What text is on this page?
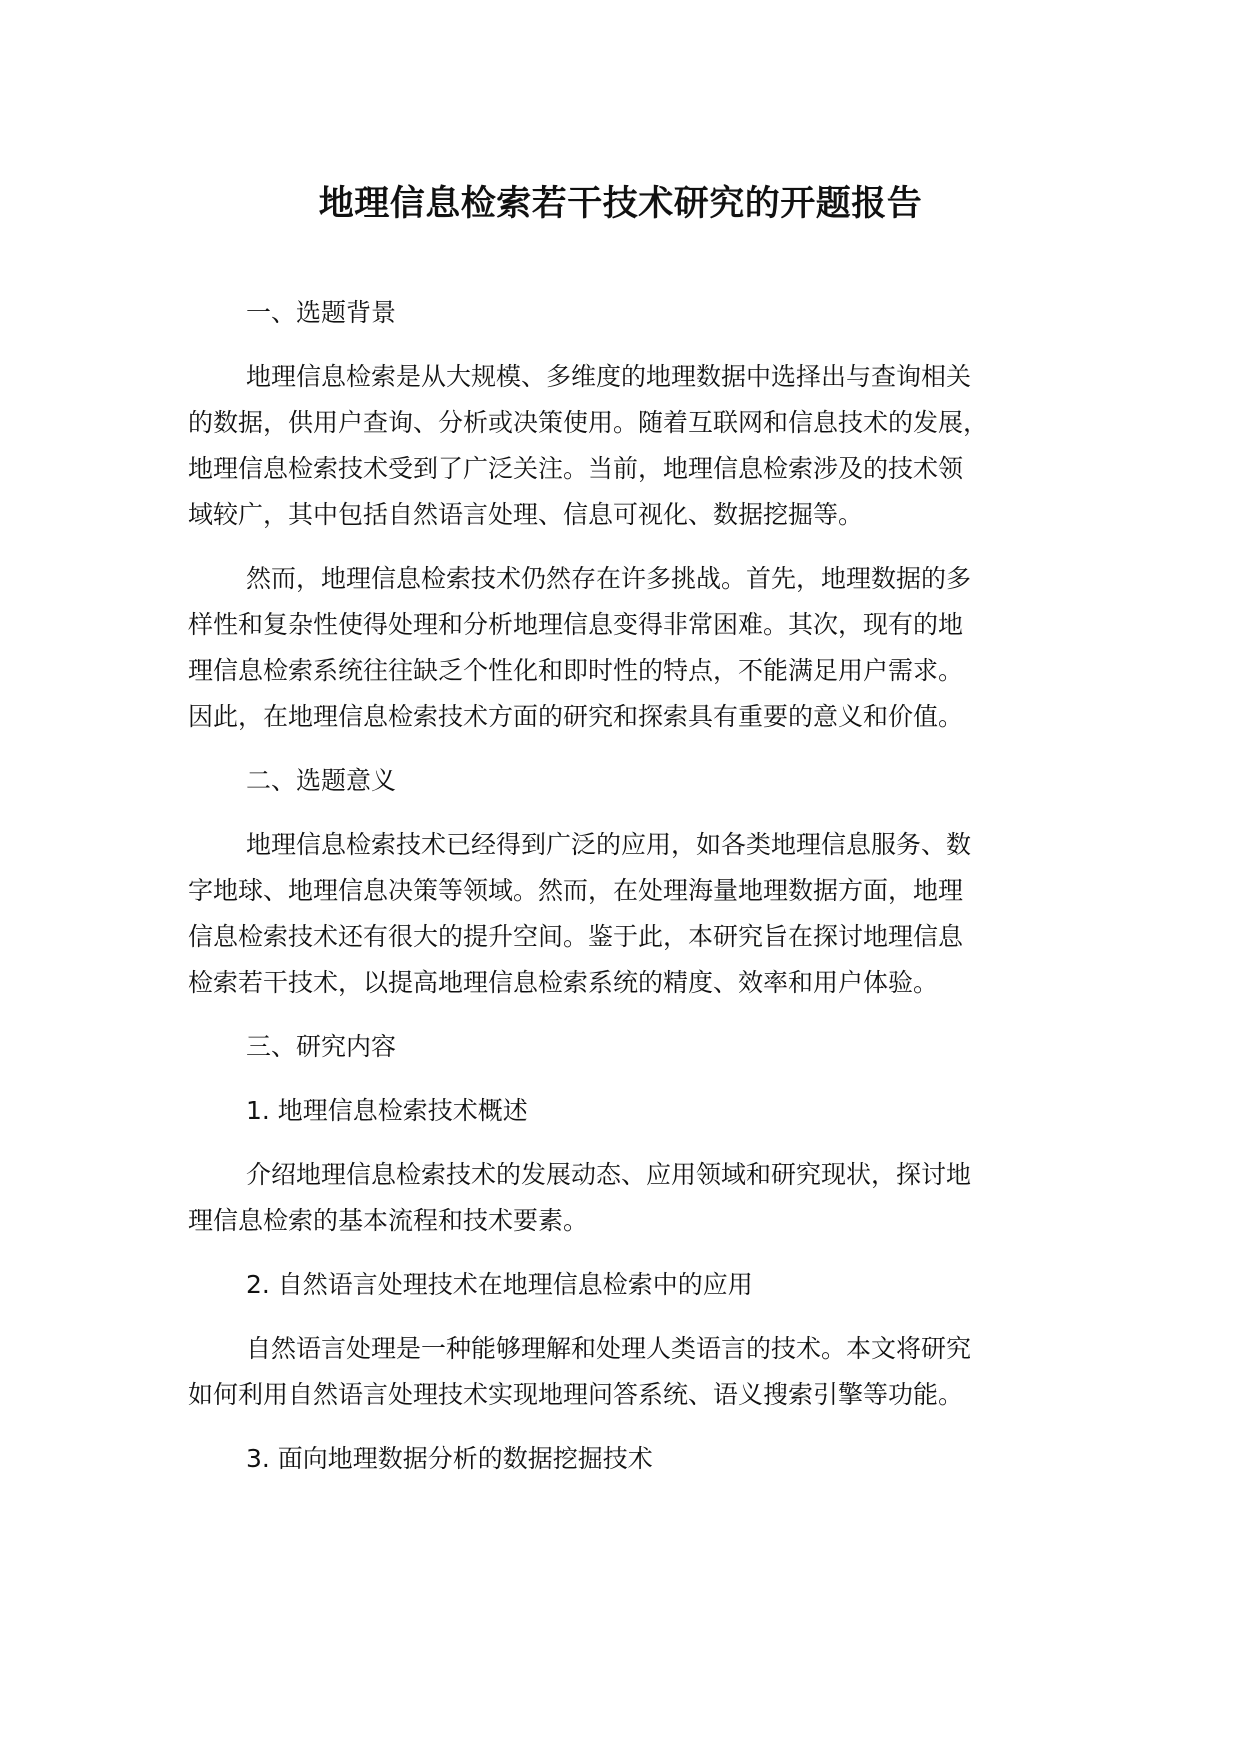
地理信息检索若干技术研究的开题报告
一、选题背景
地理信息检索是从大规模、多维度的地理数据中选择出与查询相关
的数据，供用户查询、分析或决策使用。随着互联网和信息技术的发展，
地理信息检索技术受到了广泛关注。当前，地理信息检索涉及的技术领
域较广，其中包括自然语言处理、信息可视化、数据挖掘等。
然而，地理信息检索技术仍然存在许多挑战。首先，地理数据的多
样性和复杂性使得处理和分析地理信息变得非常困难。其次，现有的地
理信息检索系统往往缺乏个性化和即时性的特点，不能满足用户需求。
因此，在地理信息检索技术方面的研究和探索具有重要的意义和价值。
二、选题意义
地理信息检索技术已经得到广泛的应用，如各类地理信息服务、数
字地球、地理信息决策等领域。然而，在处理海量地理数据方面，地理
信息检索技术还有很大的提升空间。鉴于此，本研究旨在探讨地理信息
检索若干技术，以提高地理信息检索系统的精度、效率和用户体验。
三、研究内容
1. 地理信息检索技术概述
介绍地理信息检索技术的发展动态、应用领域和研究现状，探讨地
理信息检索的基本流程和技术要素。
2. 自然语言处理技术在地理信息检索中的应用
自然语言处理是一种能够理解和处理人类语言的技术。本文将研究
如何利用自然语言处理技术实现地理问答系统、语义搜索引擎等功能。
3. 面向地理数据分析的数据挖掘技术
